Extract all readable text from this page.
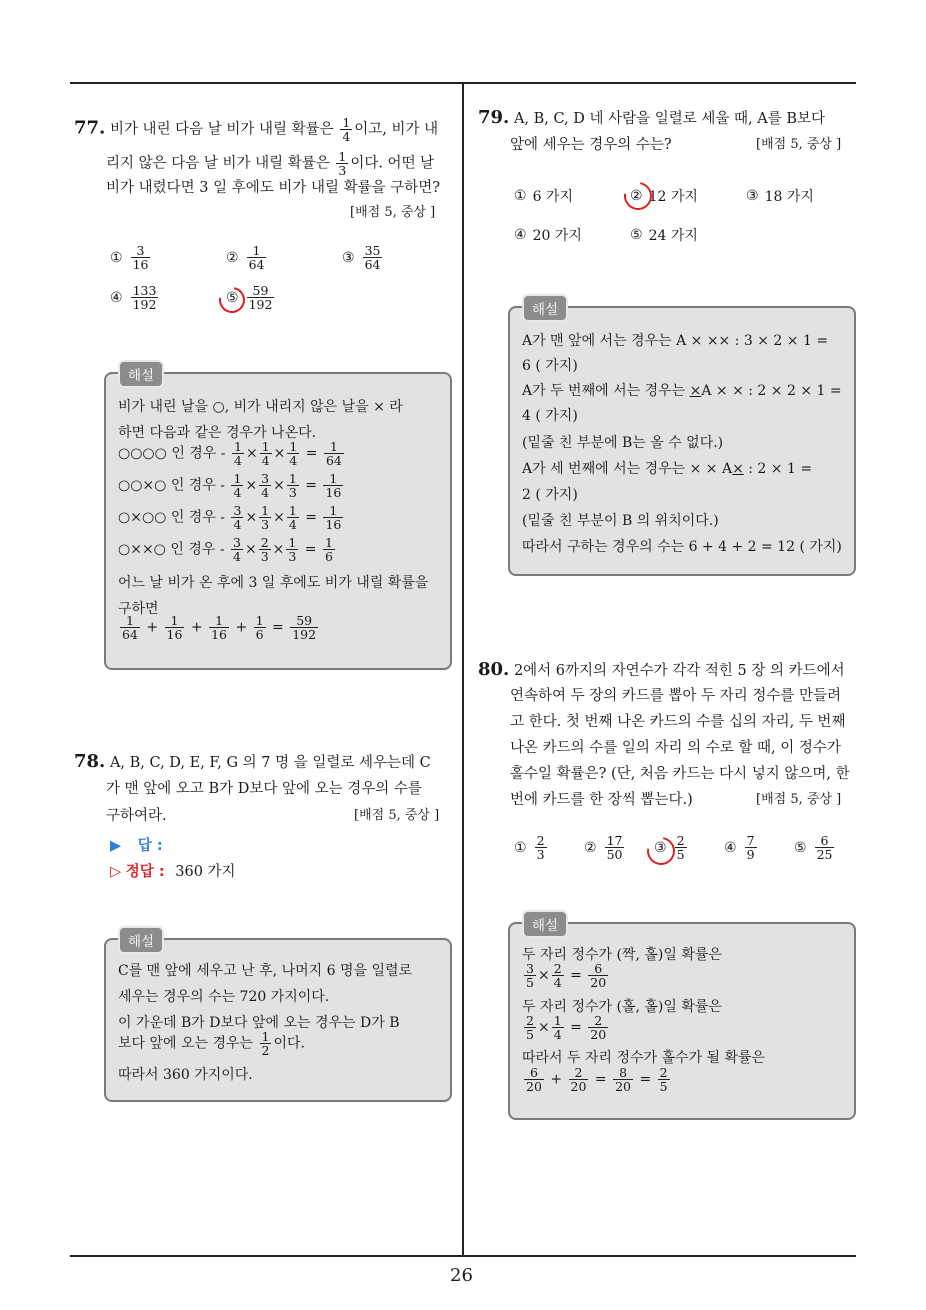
26
77. 비가 내린 다음 날 비가 내릴 확률은 $\frac{1}{4}$ 이고, 비가 내
리지 않은 다음 날 비가 내릴 확률은 $\frac{1}{3}$ 이다. 어떤 날
비가 내렸다면 3 일 후에도 비가 내릴 확률을 구하면?
[배점 5, 중상 ]
① $\frac{3}{16}$	② $\frac{1}{64}$	③ $\frac{35}{64}$
④ $\frac{133}{192}$	⑤ $\frac{59}{192}$
해설
비가 내린 날을 ○, 비가 내리지 않은 날을 × 라
하면 다음과 같은 경우가 나온다.
○○○○ 인 경우 - $\frac{1}{4} \times \frac{1}{4} \times \frac{1}{4} = \frac{1}{64}$
○○×○ 인 경우 - $\frac{1}{4} \times \frac{3}{4} \times \frac{1}{3} = \frac{1}{16}$
○×○○ 인 경우 - $\frac{3}{4} \times \frac{1}{3} \times \frac{1}{4} = \frac{1}{16}$
○××○ 인 경우 - $\frac{3}{4} \times \frac{2}{3} \times \frac{1}{3} = \frac{1}{6}$
어느 날 비가 온 후에 3 일 후에도 비가 내릴 확률을
구하면
$\frac{1}{64} + \frac{1}{16} + \frac{1}{16} + \frac{1}{6} = \frac{59}{192}$
78. A, B, C, D, E, F, G 의 7 명 을 일렬로 세우는데 C
가 맨 앞에 오고 B가 D보다 앞에 오는 경우의 수를
구하여라.	[배점 5, 중상 ]
▶ 답 :
▷ 정답 : 360 가지
해설
C를 맨 앞에 세우고 난 후, 나머지 6 명을 일렬로
세우는 경우의 수는 720 가지이다.
이 가운데 B가 D보다 앞에 오는 경우는 D가 B
보다 앞에 오는 경우는 $\frac{1}{2}$ 이다.
따라서 360 가지이다.
79. A, B, C, D 네 사람을 일렬로 세울 때, A를 B보다
앞에 세우는 경우의 수는?	[배점 5, 중상 ]
① 6 가지	② 12 가지	③ 18 가지
④ 20 가지	⑤ 24 가지
해설
A가 맨 앞에 서는 경우는 A × ×× : 3 × 2 × 1 =
6 ( 가지)
A가 두 번째에 서는 경우는 ×A × × : 2 × 2 × 1 =
4 ( 가지)
(밑줄 친 부분에 B는 올 수 없다.)
A가 세 번째에 서는 경우는 × × A× : 2 × 1 =
2 ( 가지)
(밑줄 친 부분이 B 의 위치이다.)
따라서 구하는 경우의 수는 6 + 4 + 2 = 12 ( 가지)
80. 2에서 6까지의 자연수가 각각 적힌 5 장 의 카드에서
연속하여 두 장의 카드를 뽑아 두 자리 정수를 만들려
고 한다. 첫 번째 나온 카드의 수를 십의 자리, 두 번째
나온 카드의 수를 일의 자리 의 수로 할 때, 이 정수가
홀수일 확률은? (단, 처음 카드는 다시 넣지 않으며, 한
번에 카드를 한 장씩 뽑는다.)	[배점 5, 중상 ]
① $\frac{2}{3}$	② $\frac{17}{50}$ ③ $\frac{2}{5}$	④ $\frac{7}{9}$	⑤ $\frac{6}{25}$
해설
두 자리 정수가 (짝, 홀)일 확률은
$\frac{3}{5} \times \frac{2}{4} = \frac{6}{20}$
두 자리 정수가 (홀, 홀)일 확률은
$\frac{2}{5} \times \frac{1}{4} = \frac{2}{20}$
따라서 두 자리 정수가 홀수가 될 확률은
$\frac{6}{20} + \frac{2}{20} = \frac{8}{20} = \frac{2}{5}$
